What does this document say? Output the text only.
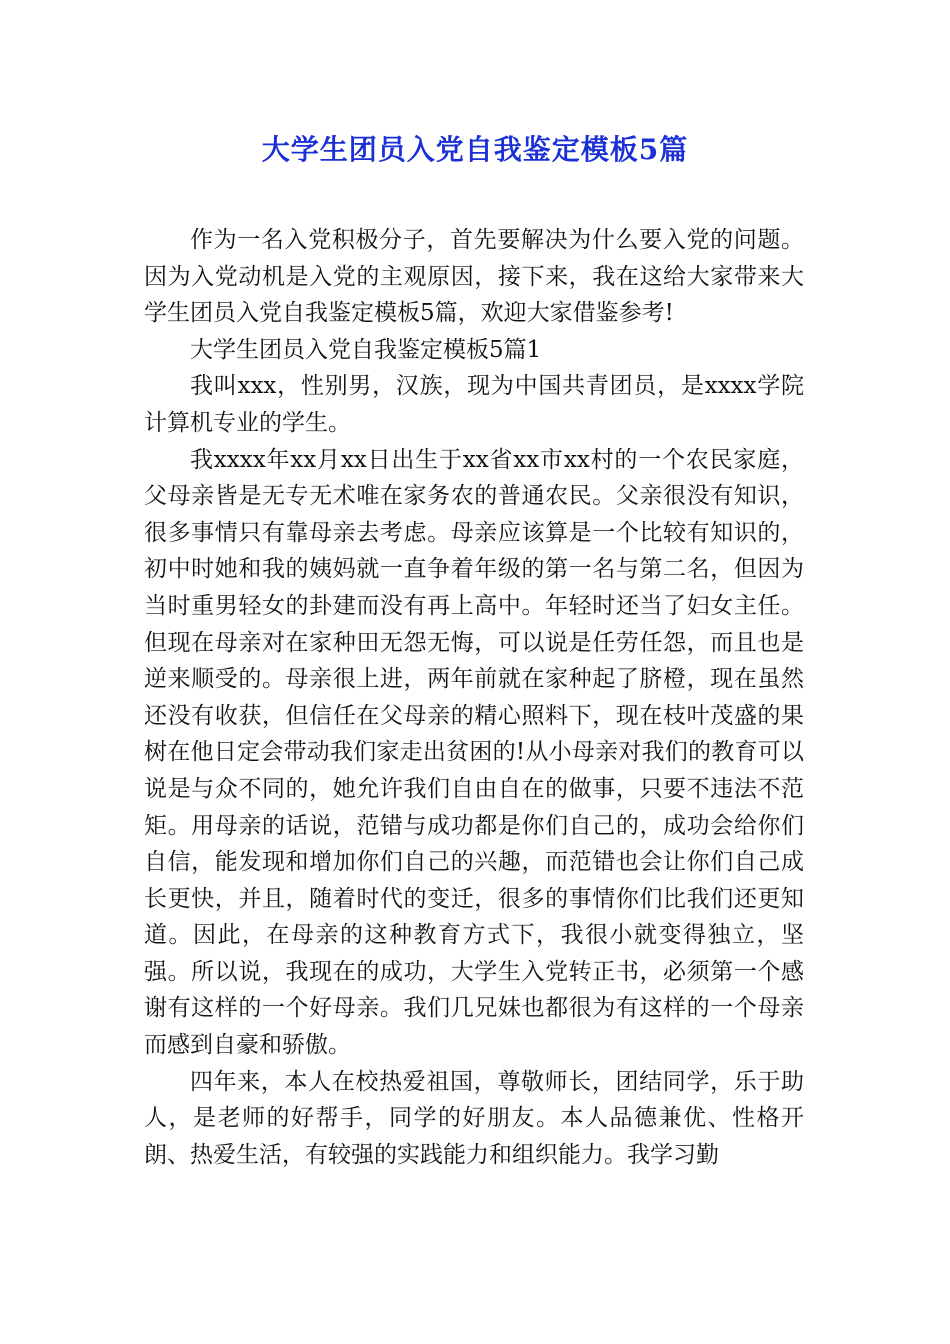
大学生团员入党自我鉴定模板5篇

作为一名入党积极分子，首先要解决为什么要入党的问题。因为入党动机是入党的主观原因，接下来，我在这给大家带来大学生团员入党自我鉴定模板5篇，欢迎大家借鉴参考!

大学生团员入党自我鉴定模板5篇1

我叫xxx，性别男，汉族，现为中国共青团员，是xxxx学院计算机专业的学生。

我xxxx年xx月xx日出生于xx省xx市xx村的一个农民家庭，父母亲皆是无专无术唯在家务农的普通农民。父亲很没有知识，很多事情只有靠母亲去考虑。母亲应该算是一个比较有知识的，初中时她和我的姨妈就一直争着年级的第一名与第二名，但因为当时重男轻女的卦建而没有再上高中。年轻时还当了妇女主任。但现在母亲对在家种田无怨无悔，可以说是任劳任怨，而且也是逆来顺受的。母亲很上进，两年前就在家种起了脐橙，现在虽然还没有收获，但信任在父母亲的精心照料下，现在枝叶茂盛的果树在他日定会带动我们家走出贫困的!从小母亲对我们的教育可以说是与众不同的，她允许我们自由自在的做事，只要不违法不范矩。用母亲的话说，范错与成功都是你们自己的，成功会给你们自信，能发现和增加你们自己的兴趣，而范错也会让你们自己成长更快，并且，随着时代的变迁，很多的事情你们比我们还更知道。因此，在母亲的这种教育方式下，我很小就变得独立，坚强。所以说，我现在的成功，大学生入党转正书，必须第一个感谢有这样的一个好母亲。我们几兄妹也都很为有这样的一个母亲而感到自豪和骄傲。

四年来，本人在校热爱祖国，尊敬师长，团结同学，乐于助人，是老师的好帮手，同学的好朋友。本人品德兼优、性格开朗、热爱生活，有较强的实践能力和组织能力。我学习勤
